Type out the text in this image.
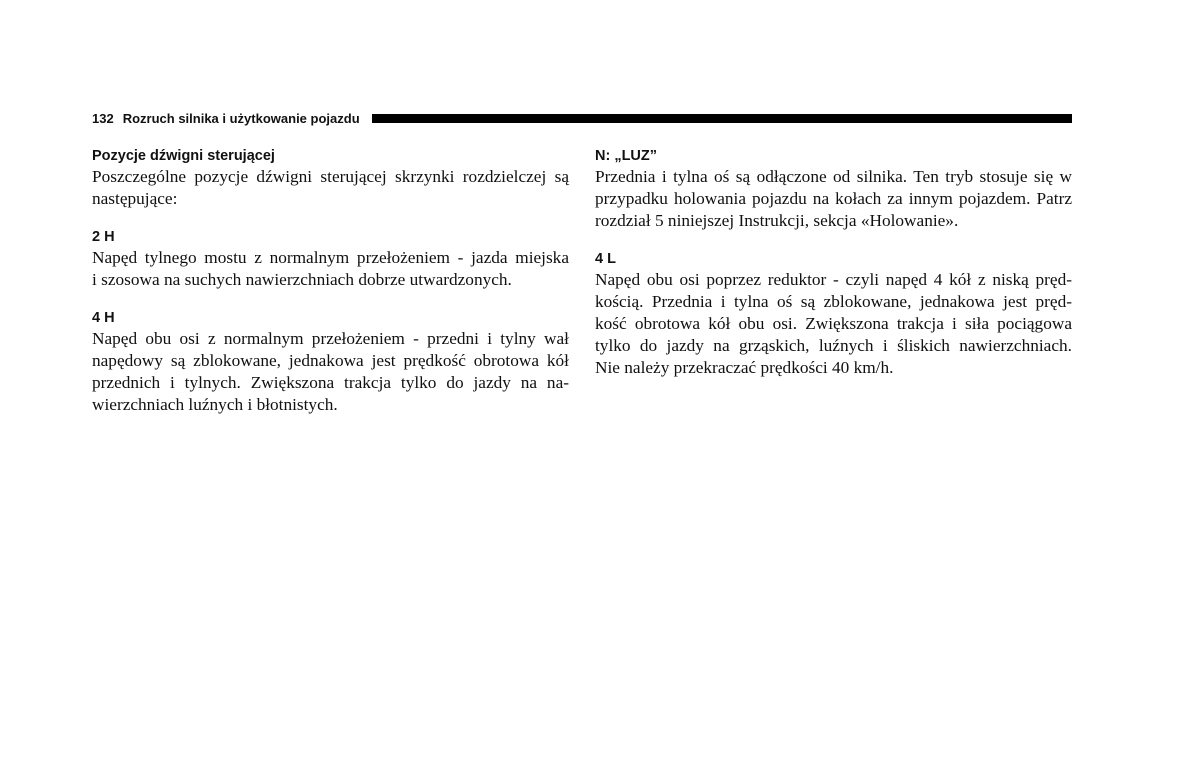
132 Rozruch silnika i użytkowanie pojazdu

Pozycje dźwigni sterującej

Poszczególne pozycje dźwigni sterującej skrzynki rozdzielczej są
następujące:

2 H

Napęd tylnego mostu z normalnym przełożeniem - jazda miejska
i szosowa na suchych nawierzchniach dobrze utwardzonych.

4 H

Napęd obu osi z normalnym przełożeniem - przedni i tylny wał
napędowy są zblokowane, jednakowa jest prędkość obrotowa kół
przednich i tylnych. Zwiększona trakcja tylko do jazdy na na-
wierzchniach luźnych i błotnistych.

N: „LUZ”

Przednia i tylna oś są odłączone od silnika. Ten tryb stosuje się w
przypadku holowania pojazdu na kołach za innym pojazdem. Patrz
rozdział 5 niniejszej Instrukcji, sekcja «Holowanie».

4 L

Napęd obu osi poprzez reduktor - czyli napęd 4 kół z niską pręd-
kością. Przednia i tylna oś są zblokowane, jednakowa jest pręd-
kość obrotowa kół obu osi. Zwiększona trakcja i siła pociągowa
tylko do jazdy na grząskich, luźnych i śliskich nawierzchniach.
Nie należy przekraczać prędkości 40 km/h.
